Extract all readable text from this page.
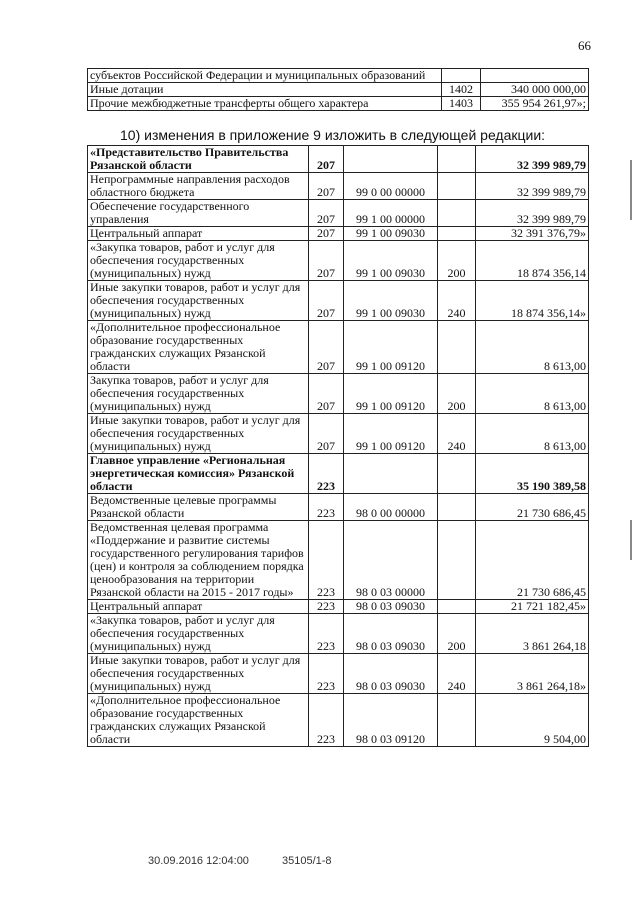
66
субъектов Российской Федерации и муниципальных образований		
Иные дотации	1402	340 000 000,00
Прочие межбюджетные трансферты общего характера	1403	355 954 261,97»;
10) изменения в приложение 9 изложить в следующей редакции:
«Представительство Правительства Рязанской области	207			32 399 989,79
Непрограммные направления расходов областного бюджета	207	99 0 00 00000		32 399 989,79
Обеспечение государственного управления	207	99 1 00 00000		32 399 989,79
Центральный аппарат	207	99 1 00 09030		32 391 376,79»
«Закупка товаров, работ и услуг для обеспечения государственных (муниципальных) нужд	207	99 1 00 09030	200	18 874 356,14
Иные закупки товаров, работ и услуг для обеспечения государственных (муниципальных) нужд	207	99 1 00 09030	240	18 874 356,14»
«Дополнительное профессиональное образование государственных гражданских служащих Рязанской области	207	99 1 00 09120		8 613,00
Закупка товаров, работ и услуг для обеспечения государственных (муниципальных) нужд	207	99 1 00 09120	200	8 613,00
Иные закупки товаров, работ и услуг для обеспечения государственных (муниципальных) нужд	207	99 1 00 09120	240	8 613,00
Главное управление «Региональная энергетическая комиссия» Рязанской области	223			35 190 389,58
Ведомственные целевые программы Рязанской области	223	98 0 00 00000		21 730 686,45
Ведомственная целевая программа «Поддержание и развитие системы государственного регулирования тарифов (цен) и контроля за соблюдением порядка ценообразования на территории Рязанской области на 2015 - 2017 годы»	223	98 0 03 00000		21 730 686,45
Центральный аппарат	223	98 0 03 09030		21 721 182,45»
«Закупка товаров, работ и услуг для обеспечения государственных (муниципальных) нужд	223	98 0 03 09030	200	3 861 264,18
Иные закупки товаров, работ и услуг для обеспечения государственных (муниципальных) нужд	223	98 0 03 09030	240	3 861 264,18»
«Дополнительное профессиональное образование государственных гражданских служащих Рязанской области	223	98 0 03 09120		9 504,00
30.09.2016 12:04:00	35105/1-8
